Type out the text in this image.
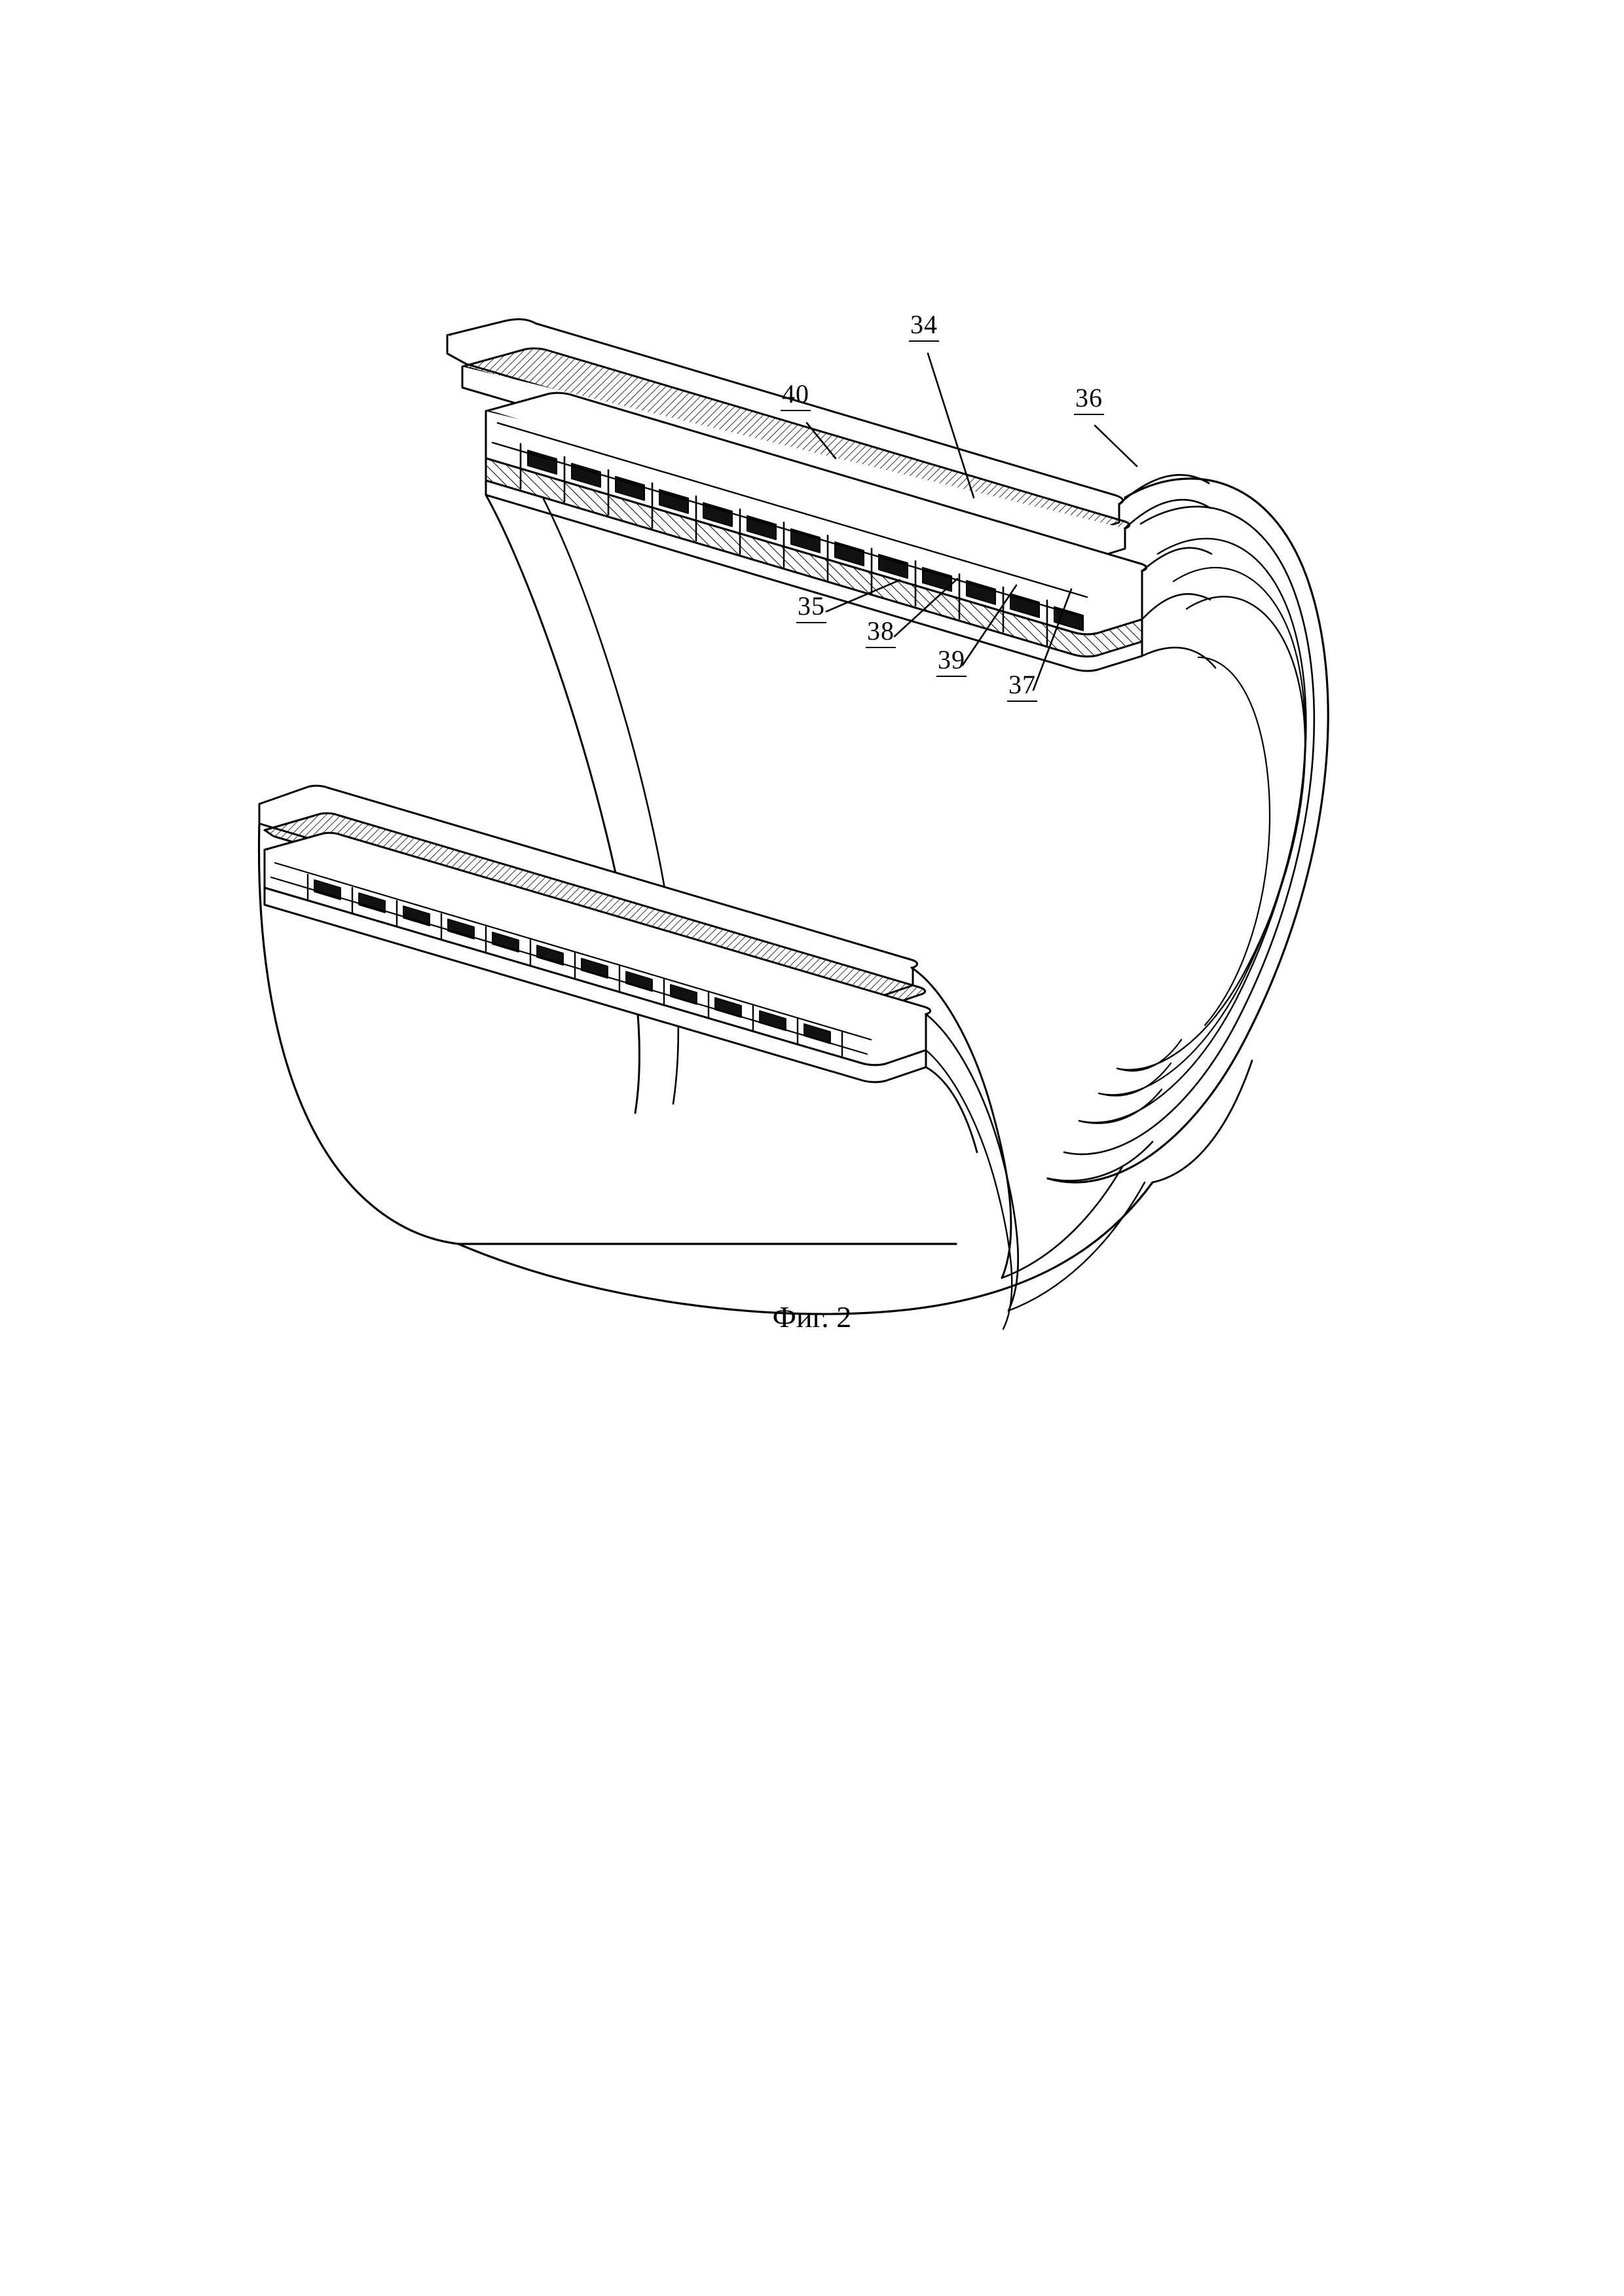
34
40	36
35
38
39
37
Фиг. 2
